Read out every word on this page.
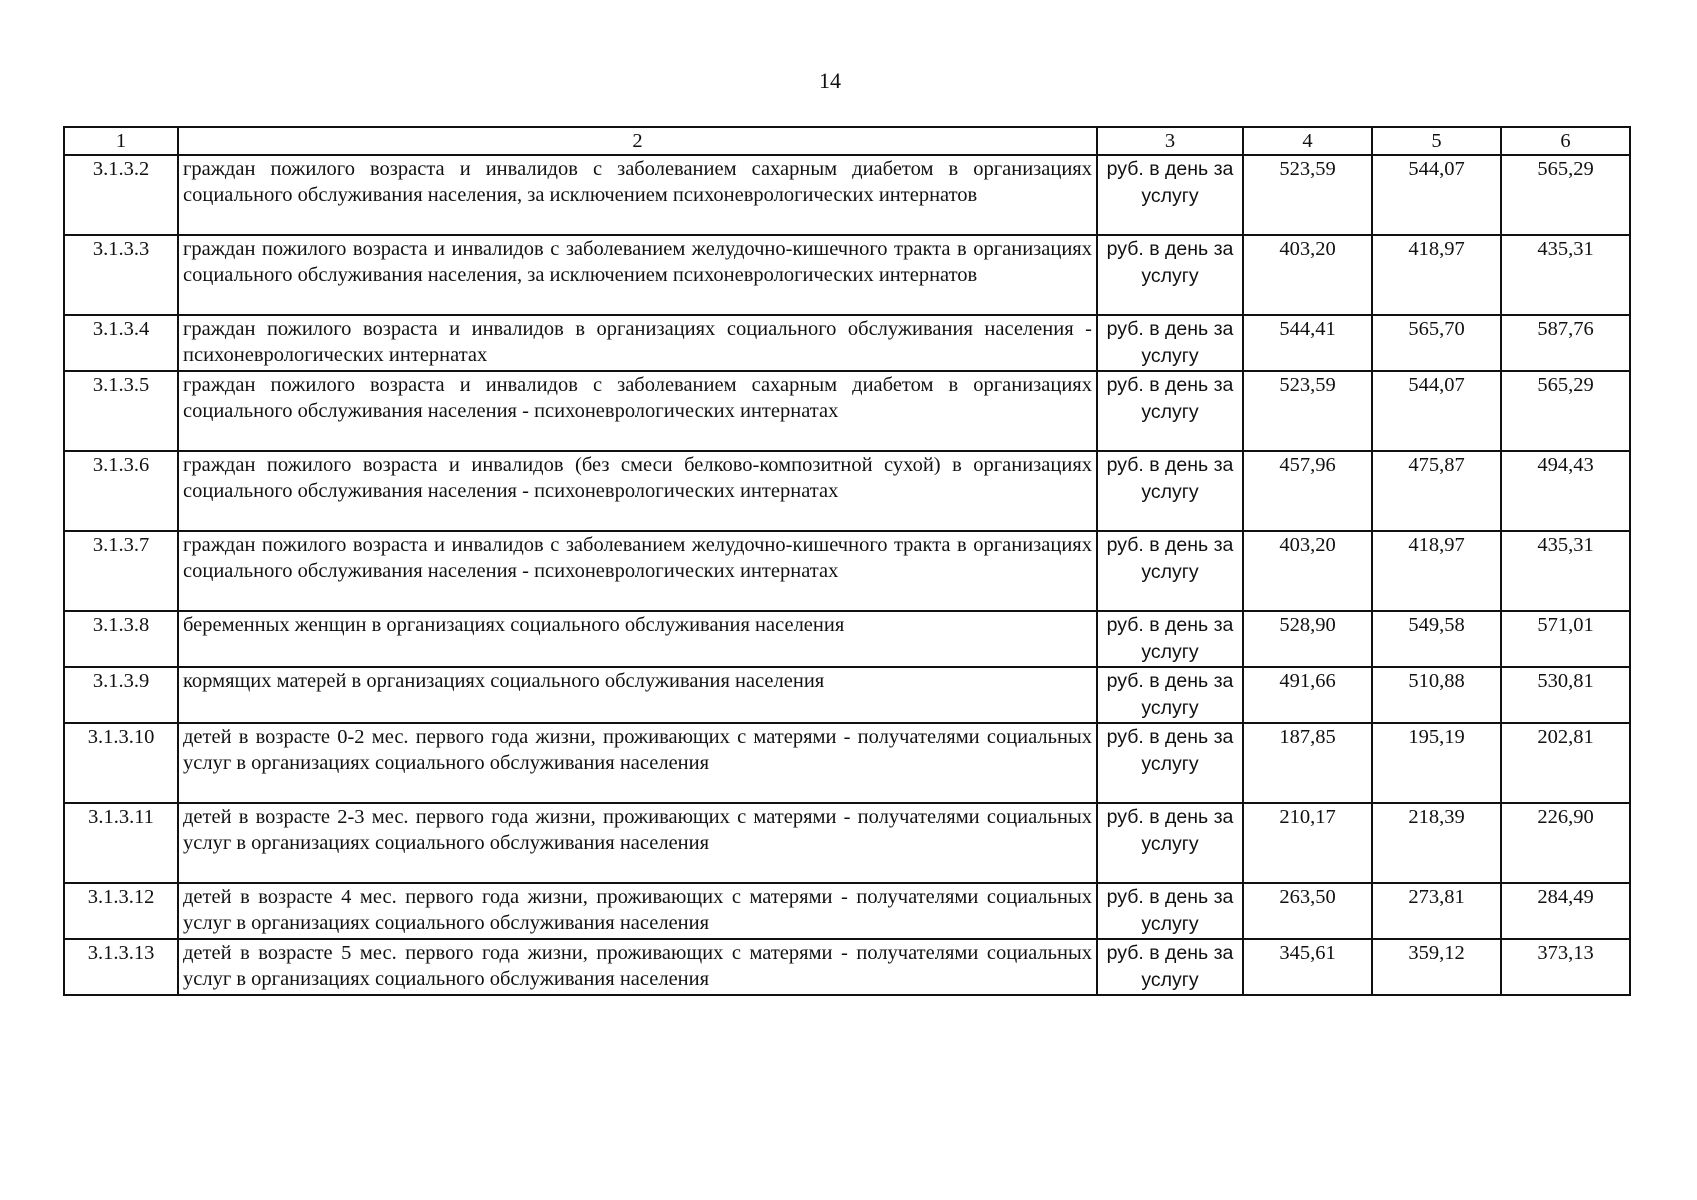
14
1	2	3	4	5	6
3.1.3.2	граждан пожилого возраста и инвалидов с заболеванием сахарным диабетом в организациях социального обслуживания населения, за исключением психоневрологических интернатов	руб. в день за услугу	523,59	544,07	565,29
3.1.3.3	граждан пожилого возраста и инвалидов с заболеванием желудочно-кишечного тракта в организациях социального обслуживания населения, за исключением психоневрологических интернатов	руб. в день за услугу	403,20	418,97	435,31
3.1.3.4	граждан пожилого возраста и инвалидов в организациях социального обслуживания населения - психоневрологических интернатах	руб. в день за услугу	544,41	565,70	587,76
3.1.3.5	граждан пожилого возраста и инвалидов с заболеванием сахарным диабетом в организациях социального обслуживания населения - психоневрологических интернатах	руб. в день за услугу	523,59	544,07	565,29
3.1.3.6	граждан пожилого возраста и инвалидов (без смеси белково-композитной сухой) в организациях социального обслуживания населения - психоневрологических интернатах	руб. в день за услугу	457,96	475,87	494,43
3.1.3.7	граждан пожилого возраста и инвалидов с заболеванием желудочно-кишечного тракта в организациях социального обслуживания населения - психоневрологических интернатах	руб. в день за услугу	403,20	418,97	435,31
3.1.3.8	беременных женщин в организациях социального обслуживания населения	руб. в день за услугу	528,90	549,58	571,01
3.1.3.9	кормящих матерей в организациях социального обслуживания населения	руб. в день за услугу	491,66	510,88	530,81
3.1.3.10	детей в возрасте 0-2 мес. первого года жизни, проживающих с матерями - получателями социальных услуг в организациях социального обслуживания населения	руб. в день за услугу	187,85	195,19	202,81
3.1.3.11	детей в возрасте 2-3 мес. первого года жизни, проживающих с матерями - получателями социальных услуг в организациях социального обслуживания населения	руб. в день за услугу	210,17	218,39	226,90
3.1.3.12	детей в возрасте 4 мес. первого года жизни, проживающих с матерями - получателями социальных услуг в организациях социального обслуживания населения	руб. в день за услугу	263,50	273,81	284,49
3.1.3.13	детей в возрасте 5 мес. первого года жизни, проживающих с матерями - получателями социальных услуг в организациях социального обслуживания населения	руб. в день за услугу	345,61	359,12	373,13
